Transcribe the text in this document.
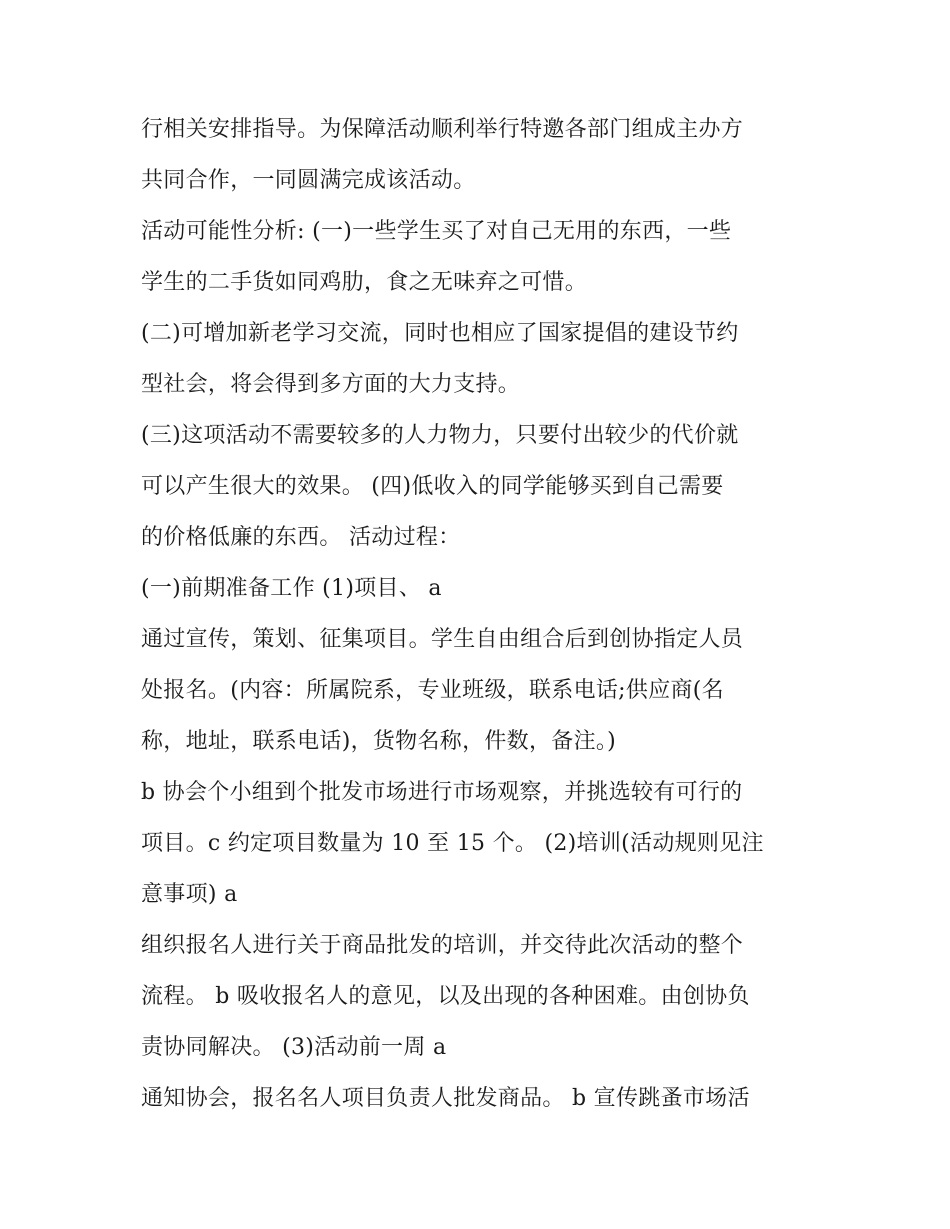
行相关安排指导。为保障活动顺利举行特邀各部门组成主办方
共同合作，一同圆满完成该活动。
活动可能性分析: (一)一些学生买了对自己无用的东西，一些
学生的二手货如同鸡肋，食之无味弃之可惜。
(二)可增加新老学习交流，同时也相应了国家提倡的建设节约
型社会，将会得到多方面的大力支持。
(三)这项活动不需要较多的人力物力，只要付出较少的代价就
可以产生很大的效果。 (四)低收入的同学能够买到自己需要
的价格低廉的东西。 活动过程：
(一)前期准备工作 (1)项目、 a
通过宣传，策划、征集项目。学生自由组合后到创协指定人员
处报名。(内容：所属院系，专业班级，联系电话;供应商(名
称，地址，联系电话)，货物名称，件数，备注。)
b 协会个小组到个批发市场进行市场观察，并挑选较有可行的
项目。c 约定项目数量为 10 至 15 个。 (2)培训(活动规则见注
意事项) a
组织报名人进行关于商品批发的培训，并交待此次活动的整个
流程。 b 吸收报名人的意见，以及出现的各种困难。由创协负
责协同解决。 (3)活动前一周 a
通知协会，报名名人项目负责人批发商品。 b 宣传跳蚤市场活
